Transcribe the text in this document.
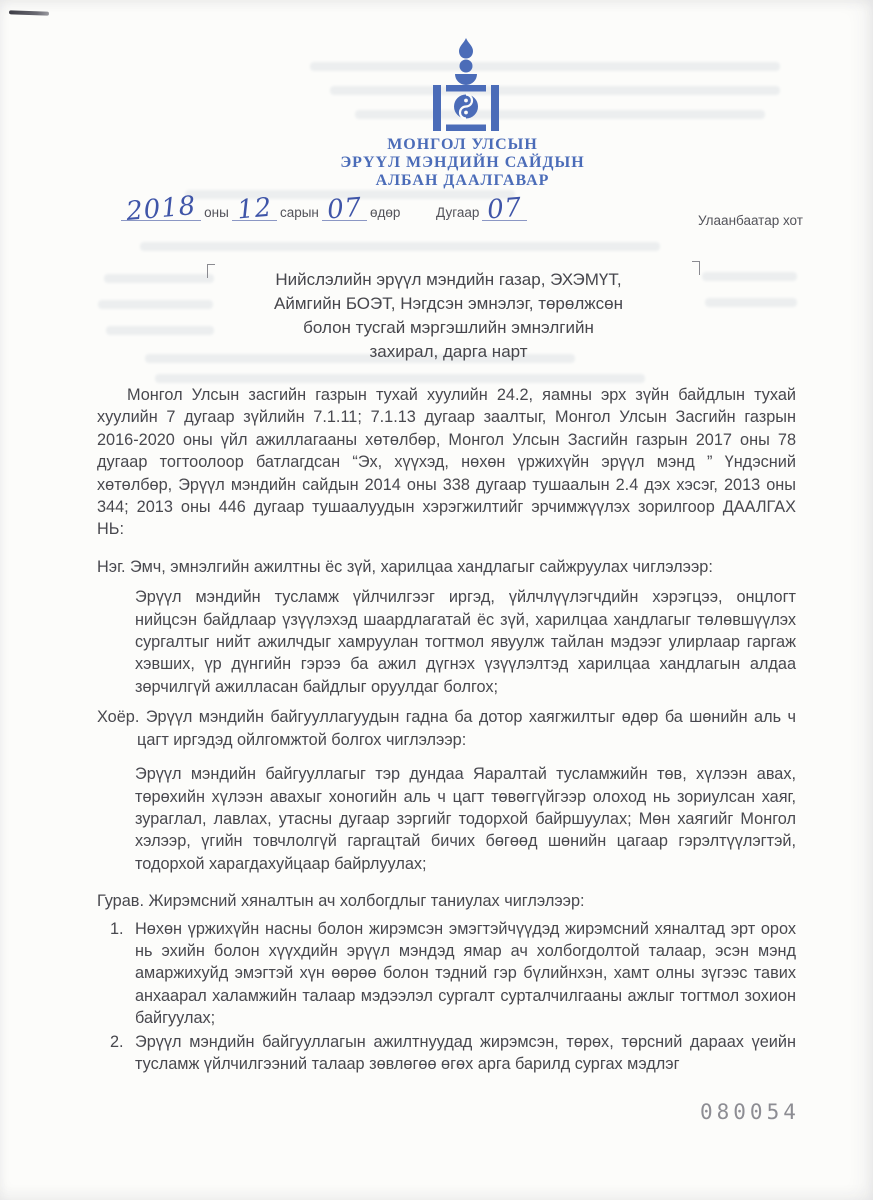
МОНГОЛ УЛСЫН
ЭРҮҮЛ МЭНДИЙН САЙДЫН
АЛБАН ДААЛГАВАР
2018 оны 12 сарын 07 өдөр	Дугаар 07	Улаанбаатар хот
Нийслэлийн эрүүл мэндийн газар, ЭХЭМҮТ,
Аймгийн БОЭТ, Нэгдсэн эмнэлэг, төрөлжсөн
болон тусгай мэргэшлийн эмнэлгийн
захирал, дарга нарт

Монгол Улсын засгийн газрын тухай хуулийн 24.2, яамны эрх зүйн байдлын тухай хуулийн 7 дугаар зүйлийн 7.1.11; 7.1.13 дугаар заалтыг, Монгол Улсын Засгийн газрын 2016-2020 оны үйл ажиллагааны хөтөлбөр, Монгол Улсын Засгийн газрын 2017 оны 78 дугаар тогтоолоор батлагдсан “Эх, хүүхэд, нөхөн үржихүйн эрүүл мэнд ” Үндэсний хөтөлбөр, Эрүүл мэндийн сайдын 2014 оны 338 дугаар тушаалын 2.4 дэх хэсэг, 2013 оны 344; 2013 оны 446 дугаар тушаалуудын хэрэгжилтийг эрчимжүүлэх зорилгоор ДААЛГАХ НЬ:

Нэг. Эмч, эмнэлгийн ажилтны ёс зүй, харилцаа хандлагыг сайжруулах чиглэлээр:

Эрүүл мэндийн тусламж үйлчилгээг иргэд, үйлчлүүлэгчдийн хэрэгцээ, онцлогт нийцсэн байдлаар үзүүлэхэд шаардлагатай ёс зүй, харилцаа хандлагыг төлөвшүүлэх сургалтыг нийт ажилчдыг хамруулан тогтмол явуулж тайлан мэдээг улирлаар гаргаж хэвших, үр дүнгийн гэрээ ба ажил дүгнэх үзүүлэлтэд харилцаа хандлагын алдаа зөрчилгүй ажилласан байдлыг оруулдаг болгох;

Хоёр. Эрүүл мэндийн байгууллагуудын гадна ба дотор хаягжилтыг өдөр ба шөнийн аль ч цагт иргэдэд ойлгомжтой болгох чиглэлээр:

Эрүүл мэндийн байгууллагыг тэр дундаа Яаралтай тусламжийн төв, хүлээн авах, төрөхийн хүлээн авахыг хоногийн аль ч цагт төвөггүйгээр олоход нь зориулсан хаяг, зураглал, лавлах, утасны дугаар зэргийг тодорхой байршуулах; Мөн хаягийг Монгол хэлээр, үгийн товчлолгүй гаргацтай бичих бөгөөд шөнийн цагаар гэрэлтүүлэгтэй, тодорхой харагдахуйцаар байрлуулах;

Гурав. Жирэмсний хяналтын ач холбогдлыг таниулах чиглэлээр:

1. Нөхөн үржихүйн насны болон жирэмсэн эмэгтэйчүүдэд жирэмсний хяналтад эрт орох нь эхийн болон хүүхдийн эрүүл мэндэд ямар ач холбогдолтой талаар, эсэн мэнд амаржихуйд эмэгтэй хүн өөрөө болон тэдний гэр бүлийнхэн, хамт олны зүгээс тавих анхаарал халамжийн талаар мэдээлэл сургалт сурталчилгааны ажлыг тогтмол зохион байгуулах;
2. Эрүүл мэндийн байгууллагын ажилтнуудад жирэмсэн, төрөх, төрсний дараах үеийн тусламж үйлчилгээний талаар зөвлөгөө өгөх арга барилд сургах мэдлэг
080054
